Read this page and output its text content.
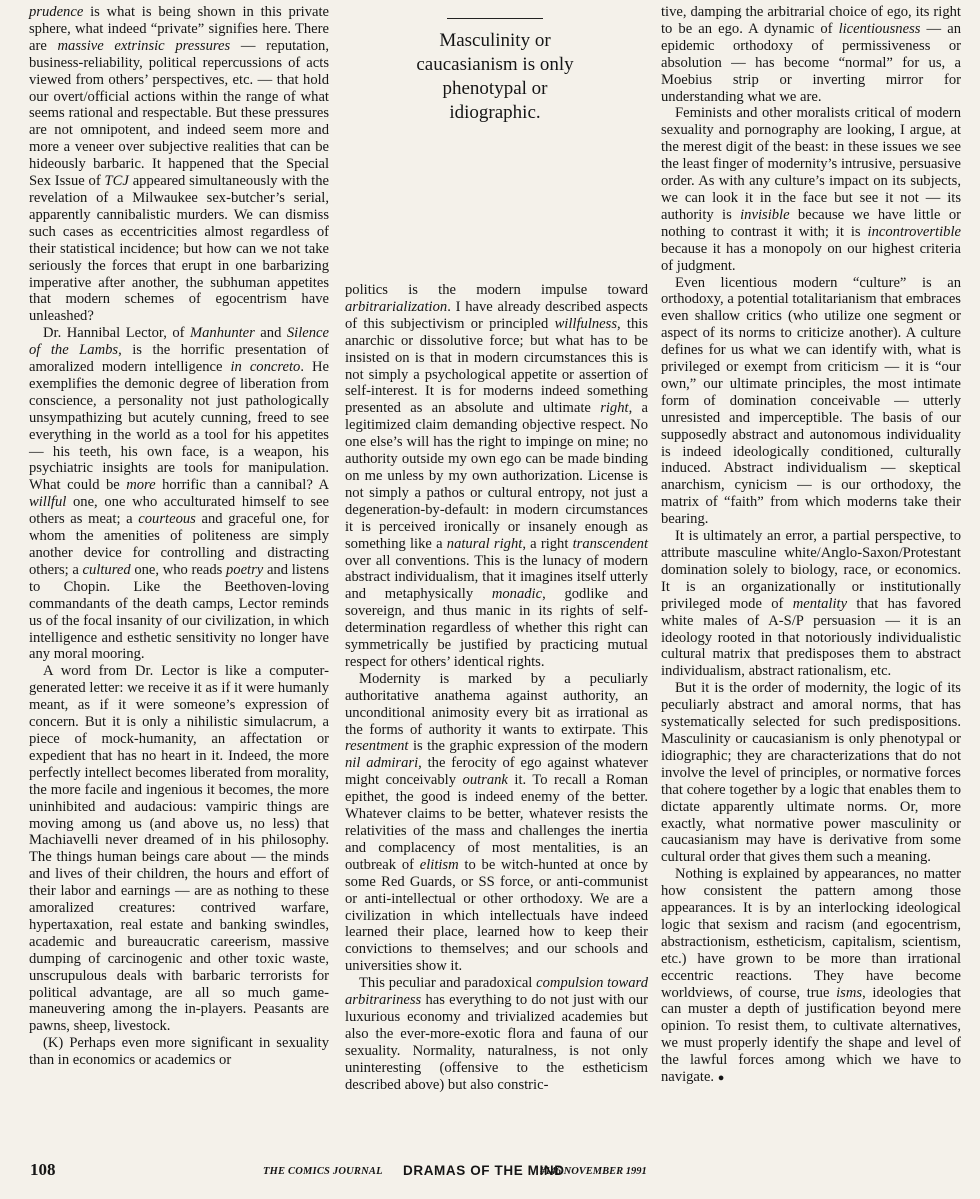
prudence is what is being shown in this private sphere, what indeed “private” signifies here. There are massive extrinsic pressures — reputation, business-reliability, political repercussions of acts viewed from others’ perspectives, etc. — that hold our overt/official actions within the range of what seems rational and respectable. But these pressures are not omnipotent, and indeed seem more and more a veneer over subjective realities that can be hideously barbaric. It happened that the Special Sex Issue of TCJ appeared simultaneously with the revelation of a Milwaukee sex-butcher’s serial, apparently cannibalistic murders. We can dismiss such cases as eccentricities almost regardless of their statistical incidence; but how can we not take seriously the forces that erupt in one barbarizing imperative after another, the subhuman appetites that modern schemes of egocentrism have unleashed?

Dr. Hannibal Lector, of Manhunter and Silence of the Lambs, is the horrific presentation of amoralized modern intelligence in concreto. He exemplifies the demonic degree of liberation from conscience, a personality not just pathologically unsympathizing but acutely cunning, freed to see everything in the world as a tool for his appetites — his teeth, his own face, is a weapon, his psychiatric insights are tools for manipulation. What could be more horrific than a cannibal? A willful one, one who acculturated himself to see others as meat; a courteous and graceful one, for whom the amenities of politeness are simply another device for controlling and distracting others; a cultured one, who reads poetry and listens to Chopin. Like the Beethoven-loving commandants of the death camps, Lector reminds us of the focal insanity of our civilization, in which intelligence and esthetic sensitivity no longer have any moral mooring.

A word from Dr. Lector is like a computer-generated letter: we receive it as if it were humanly meant, as if it were someone’s expression of concern. But it is only a nihilistic simulacrum, a piece of mock-humanity, an affectation or expedient that has no heart in it. Indeed, the more perfectly intellect becomes liberated from morality, the more facile and ingenious it becomes, the more uninhibited and audacious: vampiric things are moving among us (and above us, no less) that Machiavelli never dreamed of in his philosophy. The things human beings care about — the minds and lives of their children, the hours and effort of their labor and earnings — are as nothing to these amoralized creatures: contrived warfare, hypertaxation, real estate and banking swindles, academic and bureaucratic careerism, massive dumping of carcinogenic and other toxic waste, unscrupulous deals with barbaric terrorists for political advantage, are all so much game-maneuvering among the in-players. Peasants are pawns, sheep, livestock.

(K) Perhaps even more significant in sexuality than in economics or academics or

Masculinity or caucasianism is only phenotypal or idiographic.

politics is the modern impulse toward arbitrarialization. I have already described aspects of this subjectivism or principled willfulness, this anarchic or dissolutive force; but what has to be insisted on is that in modern circumstances this is not simply a psychological appetite or assertion of self-interest. It is for moderns indeed something presented as an absolute and ultimate right, a legitimized claim demanding objective respect. No one else’s will has the right to impinge on mine; no authority outside my own ego can be made binding on me unless by my own authorization. License is not simply a pathos or cultural entropy, not just a degeneration-by-default: in modern circumstances it is perceived ironically or insanely enough as something like a natural right, a right transcendent over all conventions. This is the lunacy of modern abstract individualism, that it imagines itself utterly and metaphysically monadic, godlike and sovereign, and thus manic in its rights of self-determination regardless of whether this right can symmetrically be justified by practicing mutual respect for others’ identical rights.

Modernity is marked by a peculiarly authoritative anathema against authority, an unconditional animosity every bit as irrational as the forms of authority it wants to extirpate. This resentment is the graphic expression of the modern nil admirari, the ferocity of ego against whatever might conceivably outrank it. To recall a Roman epithet, the good is indeed enemy of the better. Whatever claims to be better, whatever resists the relativities of the mass and challenges the inertia and complacency of most mentalities, is an outbreak of elitism to be witch-hunted at once by some Red Guards, or SS force, or anti-communist or anti-intellectual or other orthodoxy. We are a civilization in which intellectuals have indeed learned their place, learned how to keep their convictions to themselves; and our schools and universities show it.

This peculiar and paradoxical compulsion toward arbitrariness has everything to do not just with our luxurious economy and trivialized academies but also the ever-more-exotic flora and fauna of our sexuality. Normality, naturalness, is not only uninteresting (offensive to the estheticism described above) but also constric-

tive, damping the arbitrarial choice of ego, its right to be an ego. A dynamic of licentiousness — an epidemic orthodoxy of permissiveness or absolution — has become “normal” for us, a Moebius strip or inverting mirror for understanding what we are.

Feminists and other moralists critical of modern sexuality and pornography are looking, I argue, at the merest digit of the beast: in these issues we see the least finger of modernity’s intrusive, persuasive order. As with any culture’s impact on its subjects, we can look it in the face but see it not — its authority is invisible because we have little or nothing to contrast it with; it is incontrovertible because it has a monopoly on our highest criteria of judgment.

Even licentious modern “culture” is an orthodoxy, a potential totalitarianism that embraces even shallow critics (who utilize one segment or aspect of its norms to criticize another). A culture defines for us what we can identify with, what is privileged or exempt from criticism — it is “our own,” our ultimate principles, the most intimate form of domination conceivable — utterly unresisted and imperceptible. The basis of our supposedly abstract and autonomous individuality is indeed ideologically conditioned, culturally induced. Abstract individualism — skeptical anarchism, cynicism — is our orthodoxy, the matrix of “faith” from which moderns take their bearing.

It is ultimately an error, a partial perspective, to attribute masculine white/Anglo-Saxon/Protestant domination solely to biology, race, or economics. It is an organizationally or institutionally privileged mode of mentality that has favored white males of A-S/P persuasion — it is an ideology rooted in that notoriously individualistic cultural matrix that predisposes them to abstract individualism, abstract rationalism, etc.

But it is the order of modernity, the logic of its peculiarly abstract and amoral norms, that has systematically selected for such predispositions. Masculinity or caucasianism is only phenotypal or idiographic; they are characterizations that do not involve the level of principles, or normative forces that cohere together by a logic that enables them to dictate apparently ultimate norms. Or, more exactly, what normative power masculinity or caucasianism may have is derivative from some cultural order that gives them such a meaning.

Nothing is explained by appearances, no matter how consistent the pattern among those appearances. It is by an interlocking ideological logic that sexism and racism (and egocentrism, abstractionism, estheticism, capitalism, scientism, etc.) have grown to be more than irrational eccentric reactions. They have become worldviews, of course, true isms, ideologies that can muster a depth of justification beyond mere opinion. To resist them, to cultivate alternatives, we must properly identify the shape and level of the lawful forces among which we have to navigate. ●

108	THE COMICS JOURNAL DRAMAS OF THE MIND
#146 NOVEMBER 1991
